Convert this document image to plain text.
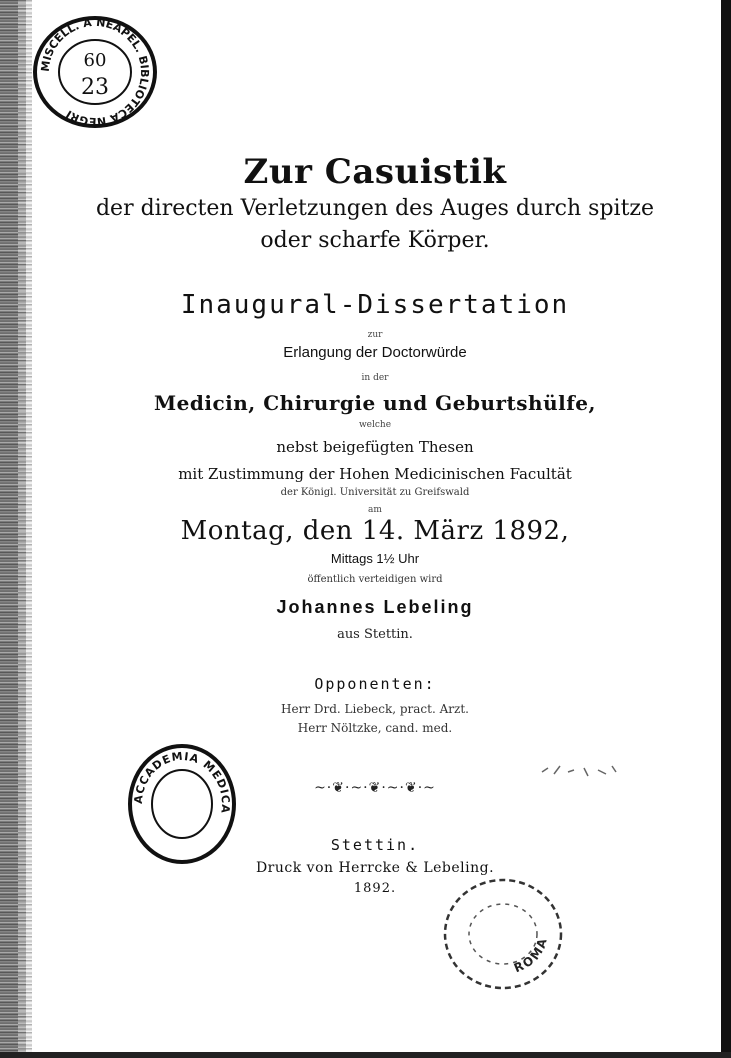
MISCELL. A NEAPEL. BIBLIOTECA NEGRI
60
23
ACCADEMIA MEDICA
ROMA
Zur Casuistik
der directen Verletzungen des Auges durch spitze
oder scharfe Körper.
Inaugural-Dissertation
zur
Erlangung der Doctorwürde
in der
Medicin, Chirurgie und Geburtshülfe,
welche
nebst beigefügten Thesen
mit Zustimmung der Hohen Medicinischen Facultät
der Königl. Universität zu Greifswald
am
Montag, den 14. März 1892,
Mittags 1½ Uhr
öffentlich verteidigen wird
Johannes Lebeling
aus Stettin.
Opponenten:
Herr Drd. Liebeck, pract. Arzt.
Herr Nöltzke, cand. med.
~·❦·~·❦·~·❦·~
Stettin.
Druck von Herrcke & Lebeling.
1892.
